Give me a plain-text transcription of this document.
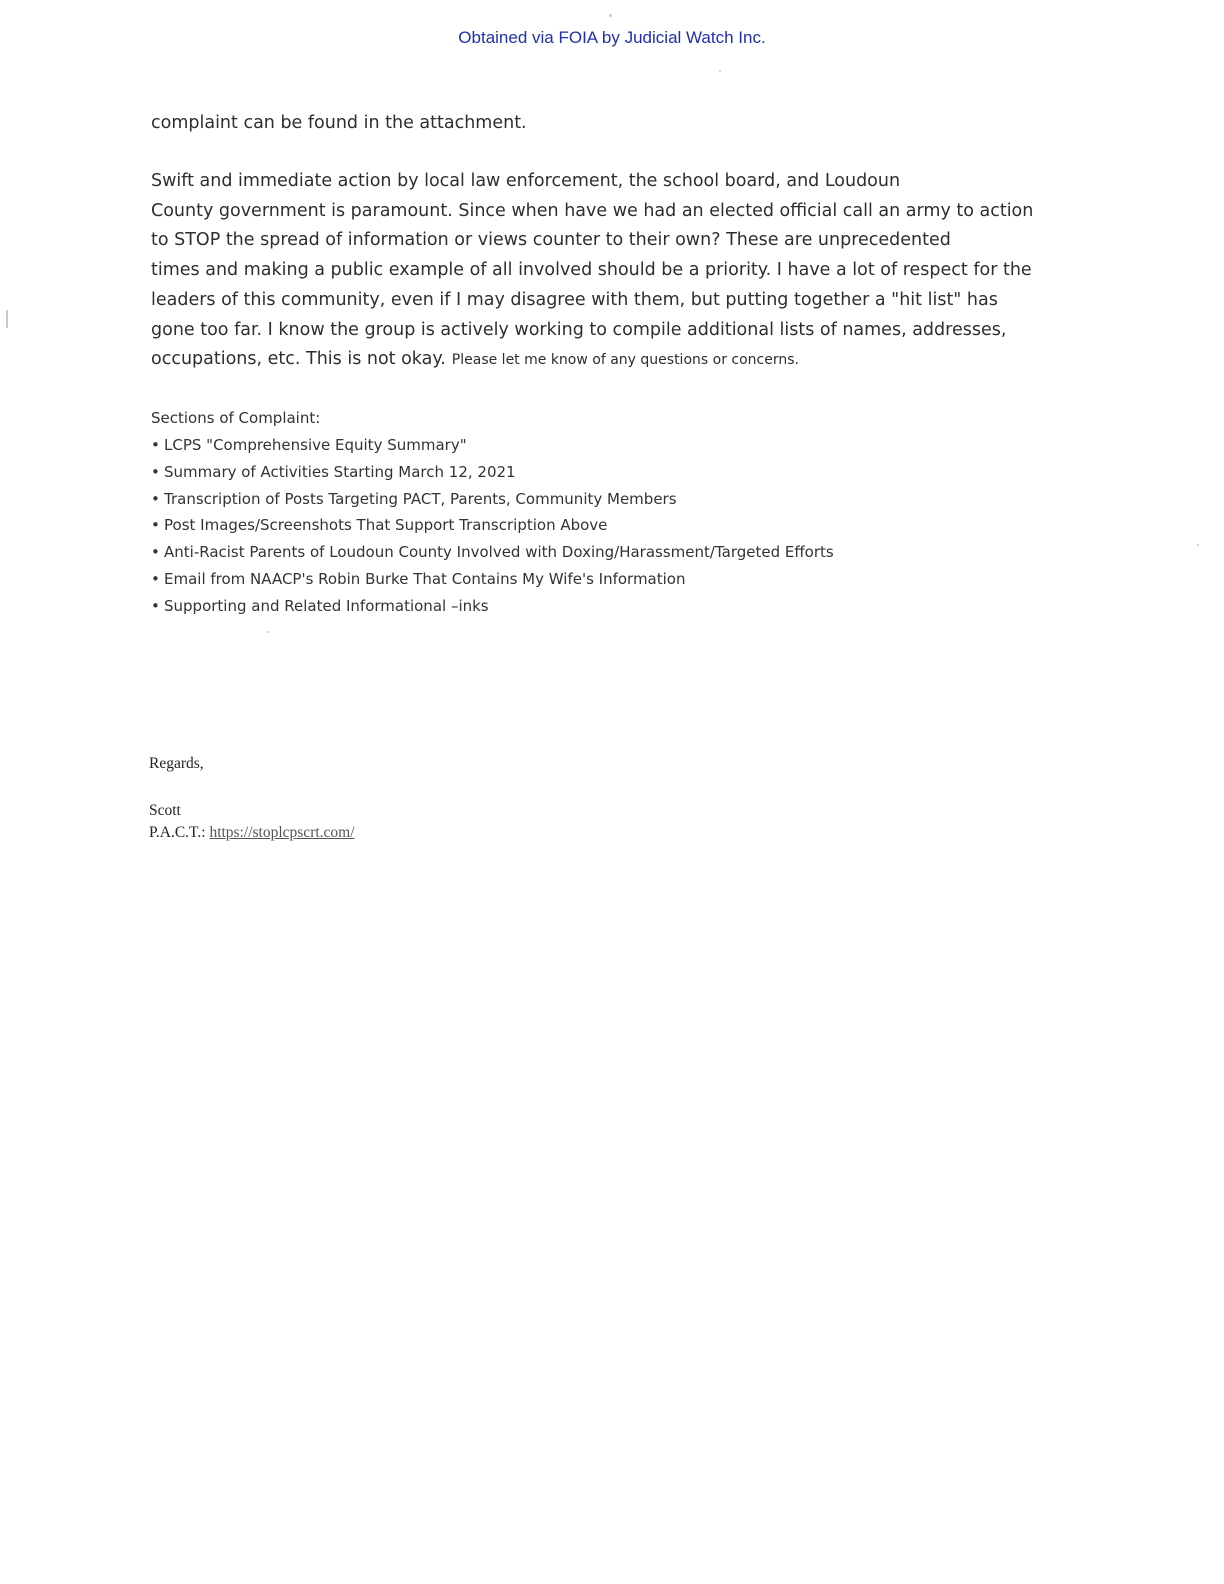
Obtained via FOIA by Judicial Watch Inc.
complaint can be found in the attachment.
Swift and immediate action by local law enforcement, the school board, and Loudoun
County government is paramount. Since when have we had an elected official call an army to action
to STOP the spread of information or views counter to their own? These are unprecedented
times and making a public example of all involved should be a priority. I have a lot of respect for the
leaders of this community, even if I may disagree with them, but putting together a "hit list" has
gone too far. I know the group is actively working to compile additional lists of names, addresses,
occupations, etc. This is not okay. Please let me know of any questions or concerns.
Sections of Complaint:
• LCPS "Comprehensive Equity Summary"
• Summary of Activities Starting March 12, 2021
• Transcription of Posts Targeting PACT, Parents, Community Members
• Post Images/Screenshots That Support Transcription Above
• Anti-Racist Parents of Loudoun County Involved with Doxing/Harassment/Targeted Efforts
• Email from NAACP's Robin Burke That Contains My Wife's Information
• Supporting and Related Informational –inks
Regards,
Scott
P.A.C.T.: https://stoplcpscrt.com/
